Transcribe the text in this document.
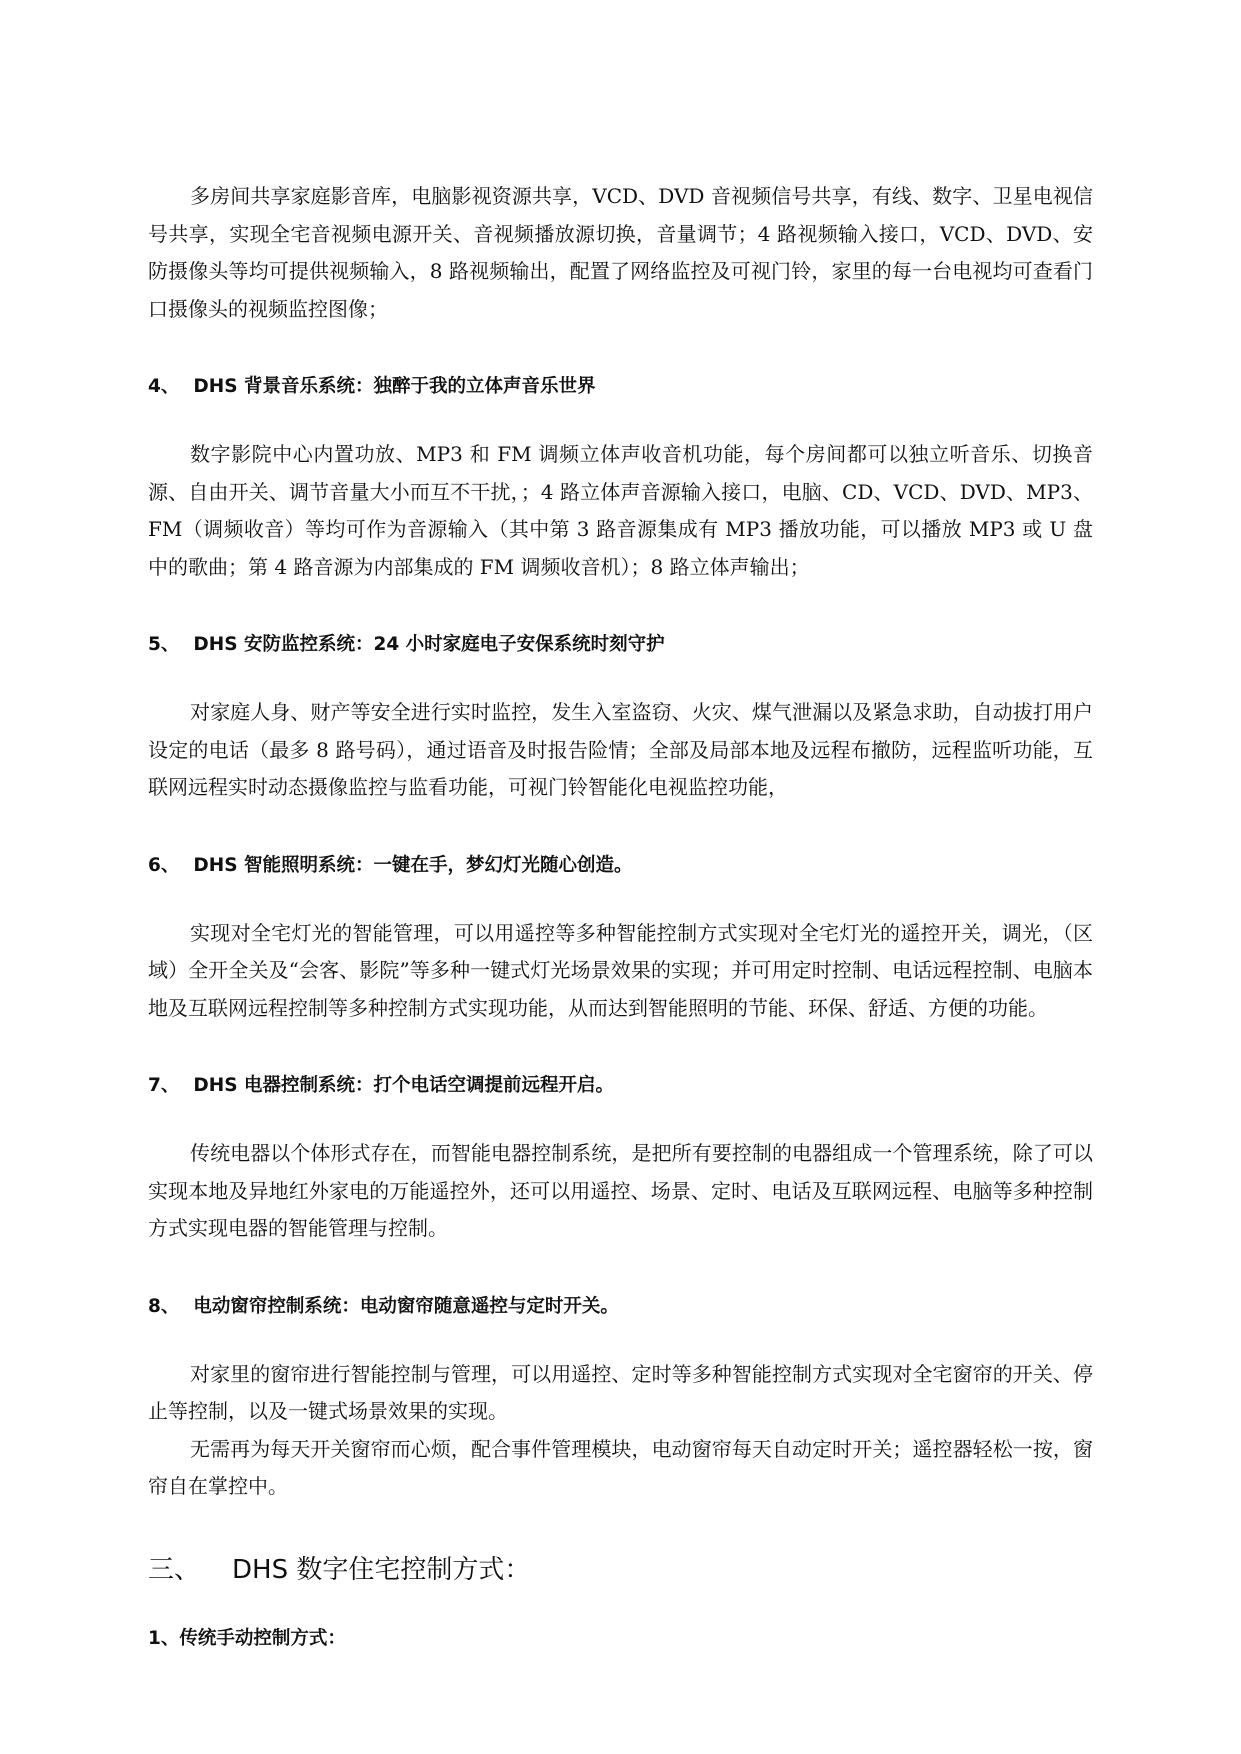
多房间共享家庭影音库，电脑影视资源共享，VCD、DVD 音视频信号共享，有线、数字、卫星电视信号共享，实现全宅音视频电源开关、音视频播放源切换，音量调节；4 路视频输入接口，VCD、DVD、安防摄像头等均可提供视频输入，8 路视频输出，配置了网络监控及可视门铃，家里的每一台电视均可查看门口摄像头的视频监控图像；

4、 DHS 背景音乐系统：独醉于我的立体声音乐世界

数字影院中心内置功放、MP3 和 FM 调频立体声收音机功能，每个房间都可以独立听音乐、切换音源、自由开关、调节音量大小而互不干扰，；4 路立体声音源输入接口，电脑、CD、VCD、DVD、MP3、FM（调频收音）等均可作为音源输入（其中第 3 路音源集成有 MP3 播放功能，可以播放 MP3 或 U 盘中的歌曲；第 4 路音源为内部集成的 FM 调频收音机）；8 路立体声输出；

5、 DHS 安防监控系统：24 小时家庭电子安保系统时刻守护

对家庭人身、财产等安全进行实时监控，发生入室盗窃、火灾、煤气泄漏以及紧急求助，自动拔打用户设定的电话（最多 8 路号码），通过语音及时报告险情；全部及局部本地及远程布撤防，远程监听功能，互联网远程实时动态摄像监控与监看功能，可视门铃智能化电视监控功能，

6、 DHS 智能照明系统：一键在手，梦幻灯光随心创造。

实现对全宅灯光的智能管理，可以用遥控等多种智能控制方式实现对全宅灯光的遥控开关，调光，（区域）全开全关及“会客、影院”等多种一键式灯光场景效果的实现；并可用定时控制、电话远程控制、电脑本地及互联网远程控制等多种控制方式实现功能，从而达到智能照明的节能、环保、舒适、方便的功能。

7、 DHS 电器控制系统：打个电话空调提前远程开启。

传统电器以个体形式存在，而智能电器控制系统，是把所有要控制的电器组成一个管理系统，除了可以实现本地及异地红外家电的万能遥控外，还可以用遥控、场景、定时、电话及互联网远程、电脑等多种控制方式实现电器的智能管理与控制。

8、 电动窗帘控制系统：电动窗帘随意遥控与定时开关。

对家里的窗帘进行智能控制与管理，可以用遥控、定时等多种智能控制方式实现对全宅窗帘的开关、停止等控制，以及一键式场景效果的实现。

无需再为每天开关窗帘而心烦，配合事件管理模块，电动窗帘每天自动定时开关；遥控器轻松一按，窗帘自在掌控中。

三、 DHS 数字住宅控制方式：
1、传统手动控制方式：
